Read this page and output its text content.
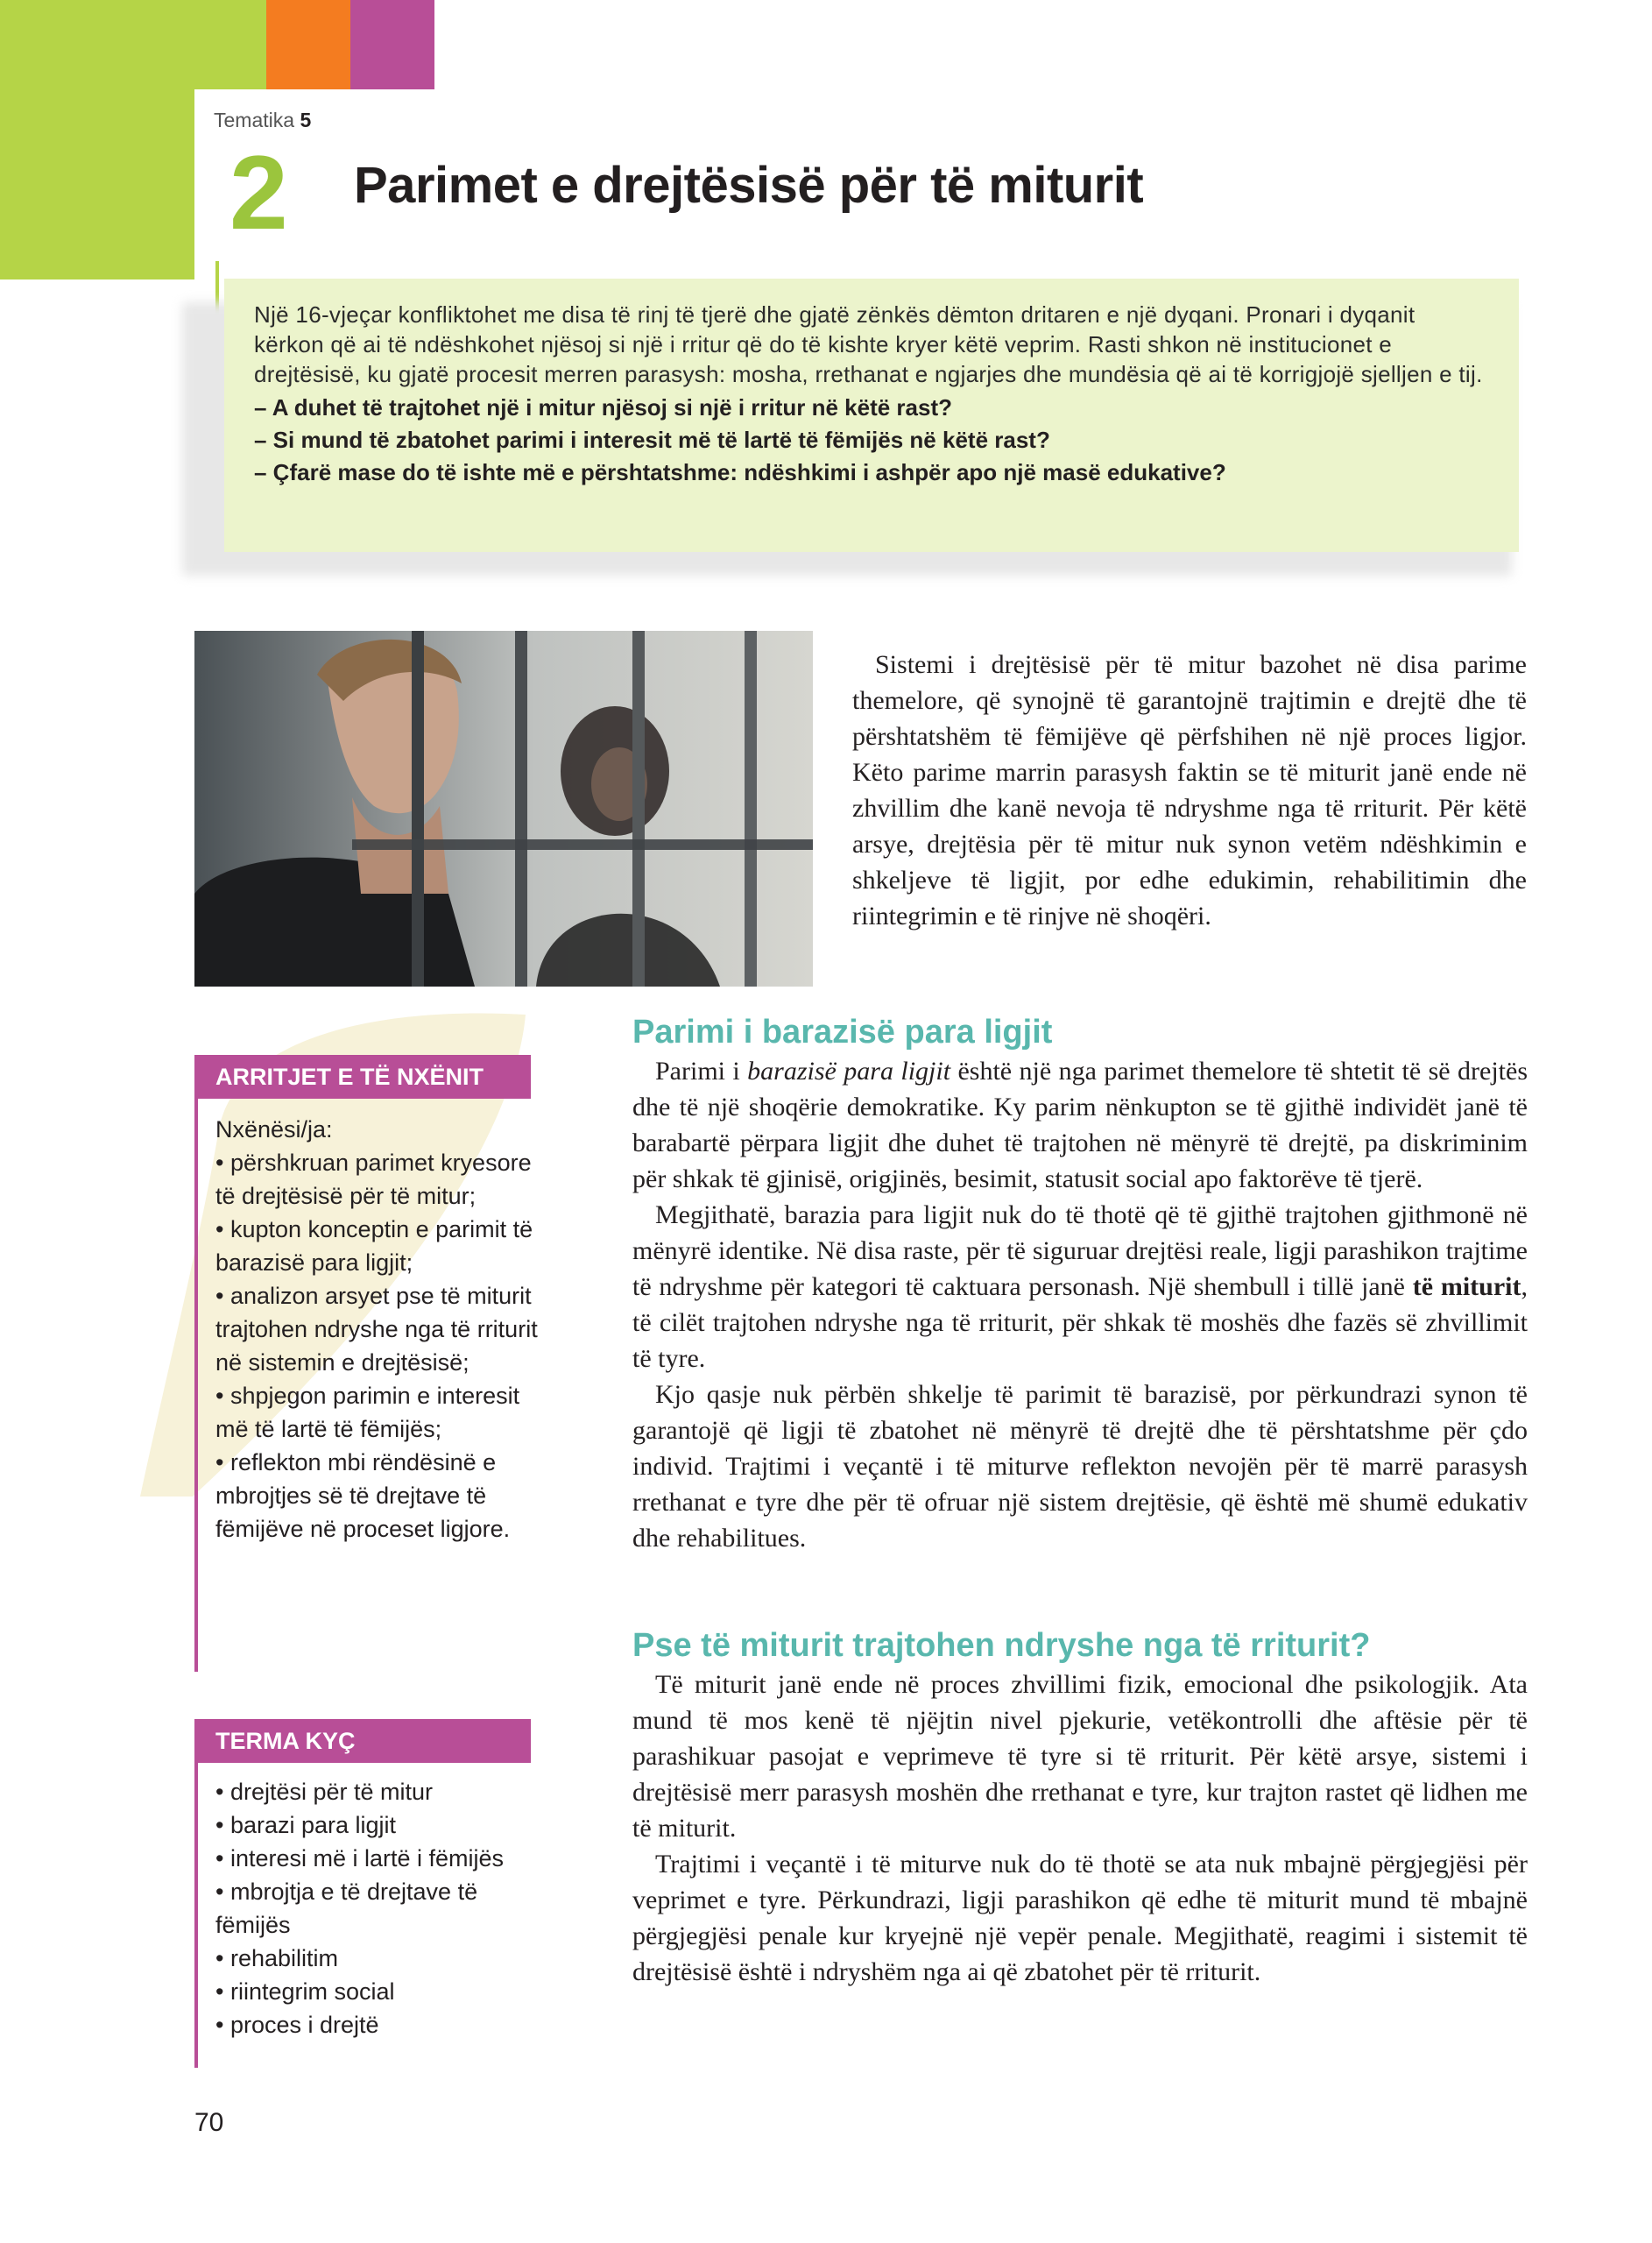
Tematika 5
2 Parimet e drejtësisë për të miturit

Një 16-vjeçar konfliktohet me disa të rinj të tjerë dhe gjatë zënkës dëmton dritaren e një dyqani. Pronari i dyqanit kërkon që ai të ndëshkohet njësoj si një i rritur që do të kishte kryer këtë veprim. Rasti shkon në institucionet e drejtësisë, ku gjatë procesit merren parasysh: mosha, rrethanat e ngjarjes dhe mundësia që ai të korrigjojë sjelljen e tij.

– A duhet të trajtohet një i mitur njësoj si një i rritur në këtë rast?

– Si mund të zbatohet parimi i interesit më të lartë të fëmijës në këtë rast?

– Çfarë mase do të ishte më e përshtatshme: ndëshkimi i ashpër apo një masë edukative?

Sistemi i drejtësisë për të mitur bazohet në disa parime themelore, që synojnë të garantojnë trajtimin e drejtë dhe të përshtatshëm të fëmijëve që përfshihen në një proces ligjor. Këto parime marrin parasysh faktin se të miturit janë ende në zhvillim dhe kanë nevoja të ndryshme nga të rriturit. Për këtë arsye, drejtësia për të mitur nuk synon vetëm ndëshkimin e shkeljeve të ligjit, por edhe edukimin, rehabilitimin dhe riintegrimin e të rinjve në shoqëri.

ARRITJET E TË NXËNIT
Nxënësi/ja:
• përshkruan parimet kryesore të drejtësisë për të mitur;
• kupton konceptin e parimit të barazisë para ligjit;
• analizon arsyet pse të miturit trajtohen ndryshe nga të rriturit në sistemin e drejtësisë;
• shpjegon parimin e interesit më të lartë të fëmijës;
• reflekton mbi rëndësinë e mbrojtjes së të drejtave të fëmijëve në proceset ligjore.
TERMA KYÇ
• drejtësi për të mitur
• barazi para ligjit
• interesi më i lartë i fëmijës
• mbrojtja e të drejtave të fëmijës
• rehabilitim
• riintegrim social
• proces i drejtë
Parimi i barazisë para ligjit

Parimi i barazisë para ligjit është një nga parimet themelore të shtetit të së drejtës dhe të një shoqërie demokratike. Ky parim nënkupton se të gjithë individët janë të barabartë përpara ligjit dhe duhet të trajtohen në mënyrë të drejtë, pa diskriminim për shkak të gjinisë, origjinës, besimit, statusit social apo faktorëve të tjerë.

Megjithatë, barazia para ligjit nuk do të thotë që të gjithë trajtohen gjithmonë në mënyrë identike. Në disa raste, për të siguruar drejtësi reale, ligji parashikon trajtime të ndryshme për kategori të caktuara personash. Një shembull i tillë janë të miturit, të cilët trajtohen ndryshe nga të rriturit, për shkak të moshës dhe fazës së zhvillimit të tyre.

Kjo qasje nuk përbën shkelje të parimit të barazisë, por përkundrazi synon të garantojë që ligji të zbatohet në mënyrë të drejtë dhe të përshtatshme për çdo individ. Trajtimi i veçantë i të miturve reflekton nevojën për të marrë parasysh rrethanat e tyre dhe për të ofruar një sistem drejtësie, që është më shumë edukativ dhe rehabilitues.

Pse të miturit trajtohen ndryshe nga të rriturit?

Të miturit janë ende në proces zhvillimi fizik, emocional dhe psikologjik. Ata mund të mos kenë të njëjtin nivel pjekurie, vetëkontrolli dhe aftësie për të parashikuar pasojat e veprimeve të tyre si të rriturit. Për këtë arsye, sistemi i drejtësisë merr parasysh moshën dhe rrethanat e tyre, kur trajton rastet që lidhen me të miturit.

Trajtimi i veçantë i të miturve nuk do të thotë se ata nuk mbajnë përgjegjësi për veprimet e tyre. Përkundrazi, ligji parashikon që edhe të miturit mund të mbajnë përgjegjësi penale kur kryejnë një vepër penale. Megjithatë, reagimi i sistemit të drejtësisë është i ndryshëm nga ai që zbatohet për të rriturit.

70
